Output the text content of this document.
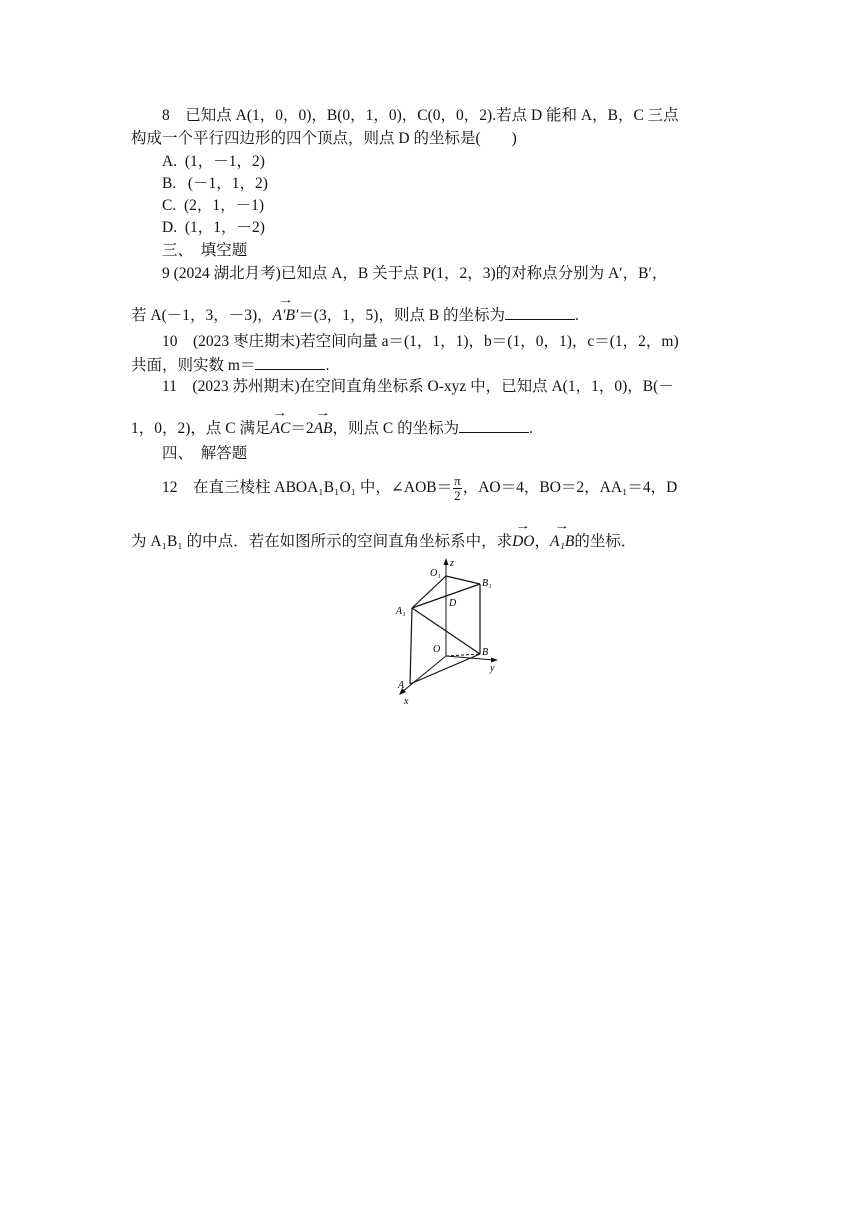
8　已知点 A(1，0，0)，B(0，1，0)，C(0，0，2).若点 D 能和 A，B，C 三点
构成一个平行四边形的四个顶点，则点 D 的坐标是(　　)
A. (1，－1，2)
B.   (－1，1，2)
C. (2，1，－1)
D. (1，1，－2)
三、　填空题
9 (2024 湖北月考)已知点 A，B 关于点 P(1，2，3)的对称点分别为 A′，B′，
若 A(－1，3，－3)，→ A′B′＝(3，1，5)，则点 B 的坐标为	.
10　(2023 枣庄期末)若空间向量 a＝(1，1，1)，b＝(1，0，1)，c＝(1，2，m)
共面，则实数 m＝	.
11　(2023 苏州期末)在空间直角坐标系 O-xyz 中，已知点 A(1，1，0)，B(－
1，0，2)，点 C 满足→ AC＝2→ AB，则点 C 的坐标为	.
四、　解答题
12　在直三棱柱 ABOA₁B₁O₁ 中，∠AOB＝ $\frac{\pi}{2}$ ，AO＝4，BO＝2，AA₁＝4，D
为 A₁B₁ 的中点．若在如图所示的空间直角坐标系中，求→ DO，→ A₁B的坐标．
O₁
z
B₁
A₁
D
O	B
y
A
x
